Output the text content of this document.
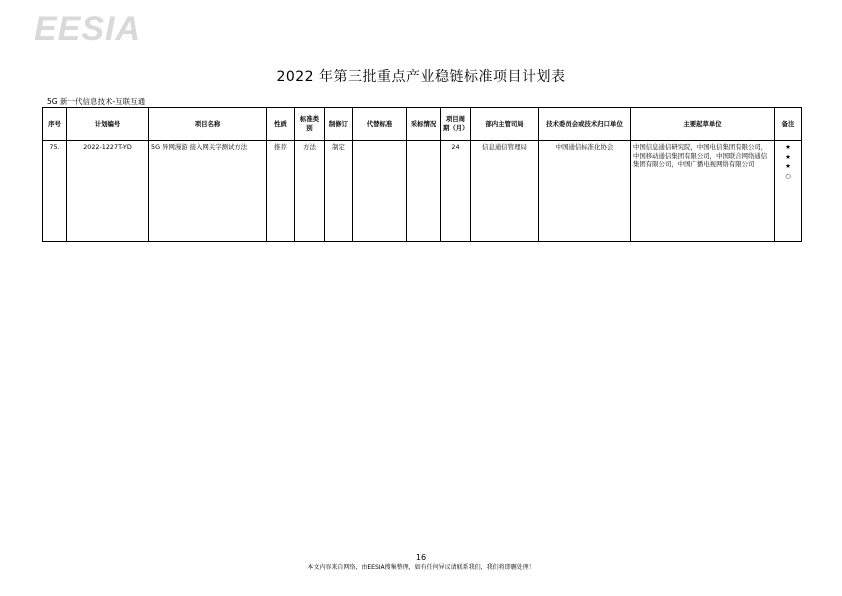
EESIA
2022 年第三批重点产业稳链标准项目计划表
5G 新一代信息技术-互联互通
序号	计划编号	项目名称	性质	标准类别	制修订	代替标准	采标情况	项目周期（月）	部内主管司局	技术委员会或技术归口单位	主要起草单位	备注
75.	2022-1227T-YD	5G 异网漫游 接入网关字测试方法	推荐	方法	制定			24	信息通信管理局	中国通信标准化协会	中国信息通信研究院，中国电信集团有限公司，中国移动通信集团有限公司，中国联合网络通信集团有限公司，中国广播电视网络有限公司	★
★
★
○
16
本文内容来自网络，由EESIA搜集整理，如有任何异议请联系我们，我们将即删处理！
